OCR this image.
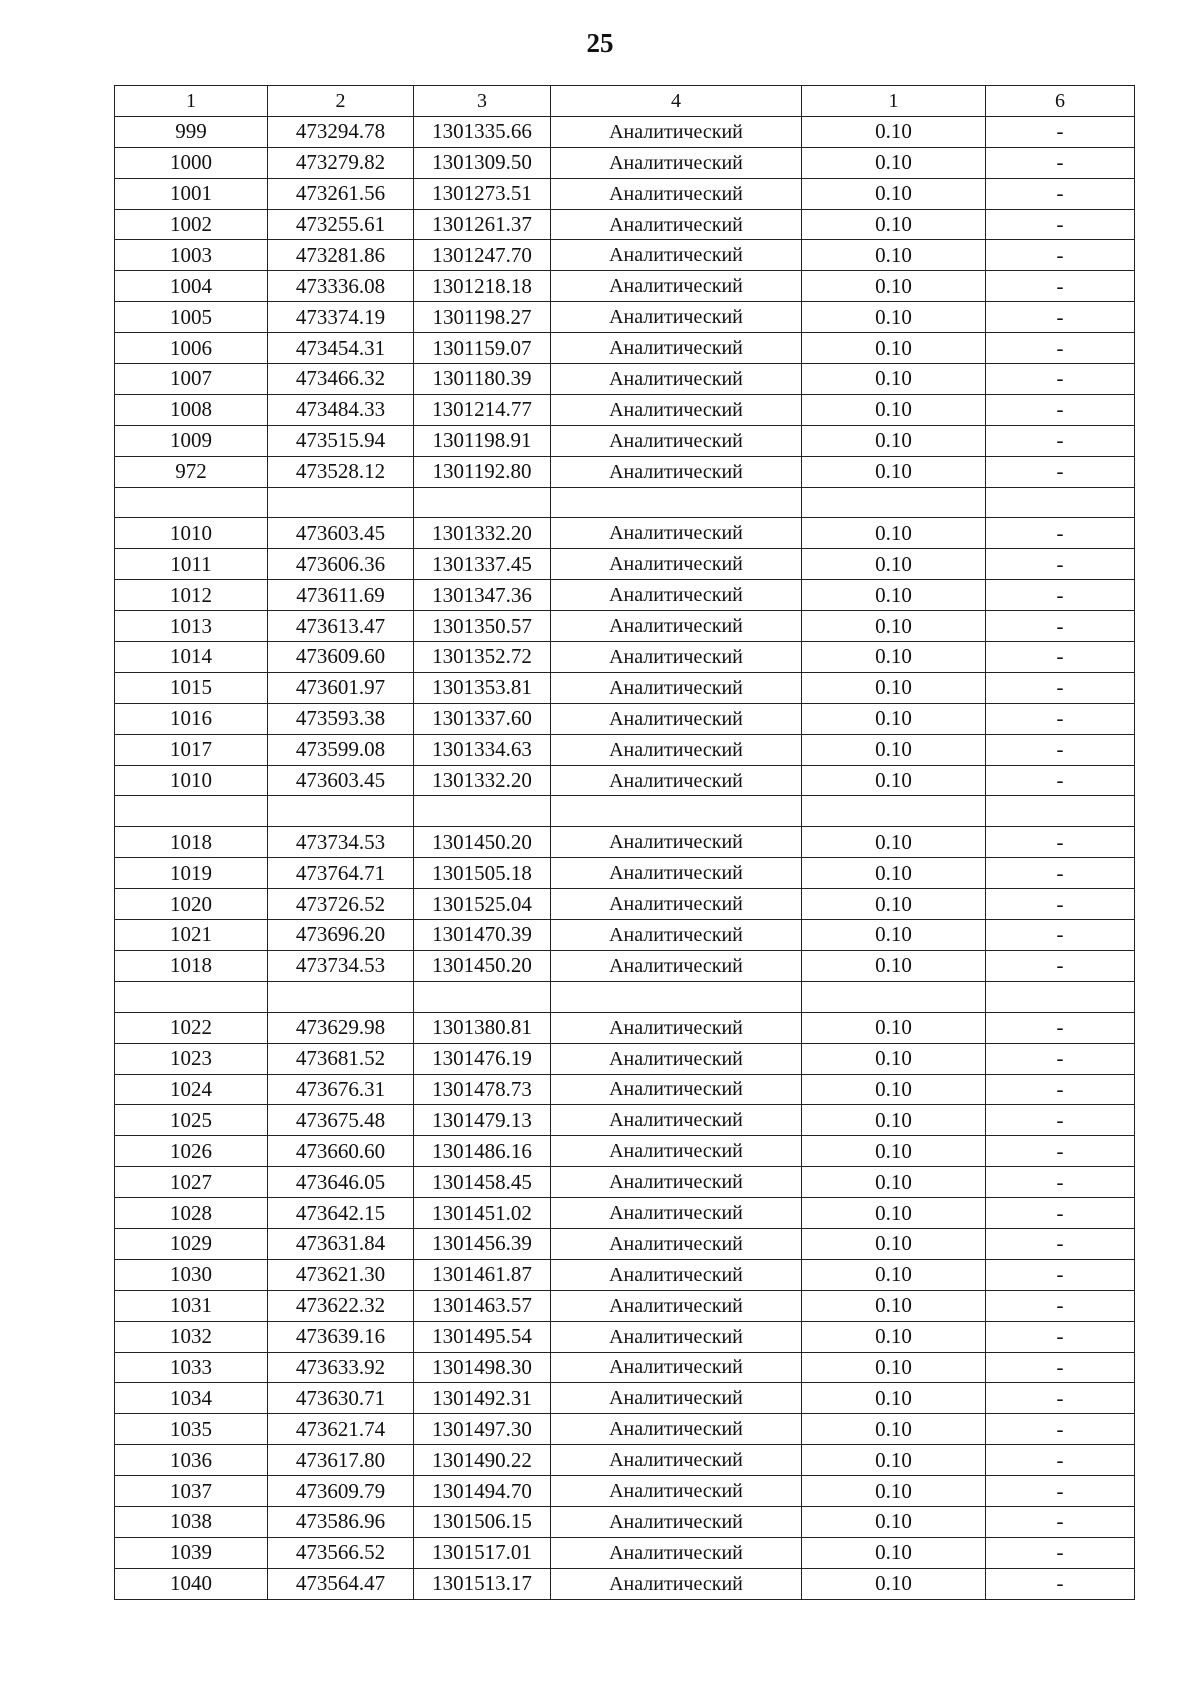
25
1	2	3	4	1	6
999	473294.78	1301335.66	Аналитический	0.10	-
1000	473279.82	1301309.50	Аналитический	0.10	-
1001	473261.56	1301273.51	Аналитический	0.10	-
1002	473255.61	1301261.37	Аналитический	0.10	-
1003	473281.86	1301247.70	Аналитический	0.10	-
1004	473336.08	1301218.18	Аналитический	0.10	-
1005	473374.19	1301198.27	Аналитический	0.10	-
1006	473454.31	1301159.07	Аналитический	0.10	-
1007	473466.32	1301180.39	Аналитический	0.10	-
1008	473484.33	1301214.77	Аналитический	0.10	-
1009	473515.94	1301198.91	Аналитический	0.10	-
972	473528.12	1301192.80	Аналитический	0.10	-

1010	473603.45	1301332.20	Аналитический	0.10	-
1011	473606.36	1301337.45	Аналитический	0.10	-
1012	473611.69	1301347.36	Аналитический	0.10	-
1013	473613.47	1301350.57	Аналитический	0.10	-
1014	473609.60	1301352.72	Аналитический	0.10	-
1015	473601.97	1301353.81	Аналитический	0.10	-
1016	473593.38	1301337.60	Аналитический	0.10	-
1017	473599.08	1301334.63	Аналитический	0.10	-
1010	473603.45	1301332.20	Аналитический	0.10	-

1018	473734.53	1301450.20	Аналитический	0.10	-
1019	473764.71	1301505.18	Аналитический	0.10	-
1020	473726.52	1301525.04	Аналитический	0.10	-
1021	473696.20	1301470.39	Аналитический	0.10	-
1018	473734.53	1301450.20	Аналитический	0.10	-

1022	473629.98	1301380.81	Аналитический	0.10	-
1023	473681.52	1301476.19	Аналитический	0.10	-
1024	473676.31	1301478.73	Аналитический	0.10	-
1025	473675.48	1301479.13	Аналитический	0.10	-
1026	473660.60	1301486.16	Аналитический	0.10	-
1027	473646.05	1301458.45	Аналитический	0.10	-
1028	473642.15	1301451.02	Аналитический	0.10	-
1029	473631.84	1301456.39	Аналитический	0.10	-
1030	473621.30	1301461.87	Аналитический	0.10	-
1031	473622.32	1301463.57	Аналитический	0.10	-
1032	473639.16	1301495.54	Аналитический	0.10	-
1033	473633.92	1301498.30	Аналитический	0.10	-
1034	473630.71	1301492.31	Аналитический	0.10	-
1035	473621.74	1301497.30	Аналитический	0.10	-
1036	473617.80	1301490.22	Аналитический	0.10	-
1037	473609.79	1301494.70	Аналитический	0.10	-
1038	473586.96	1301506.15	Аналитический	0.10	-
1039	473566.52	1301517.01	Аналитический	0.10	-
1040	473564.47	1301513.17	Аналитический	0.10	-
